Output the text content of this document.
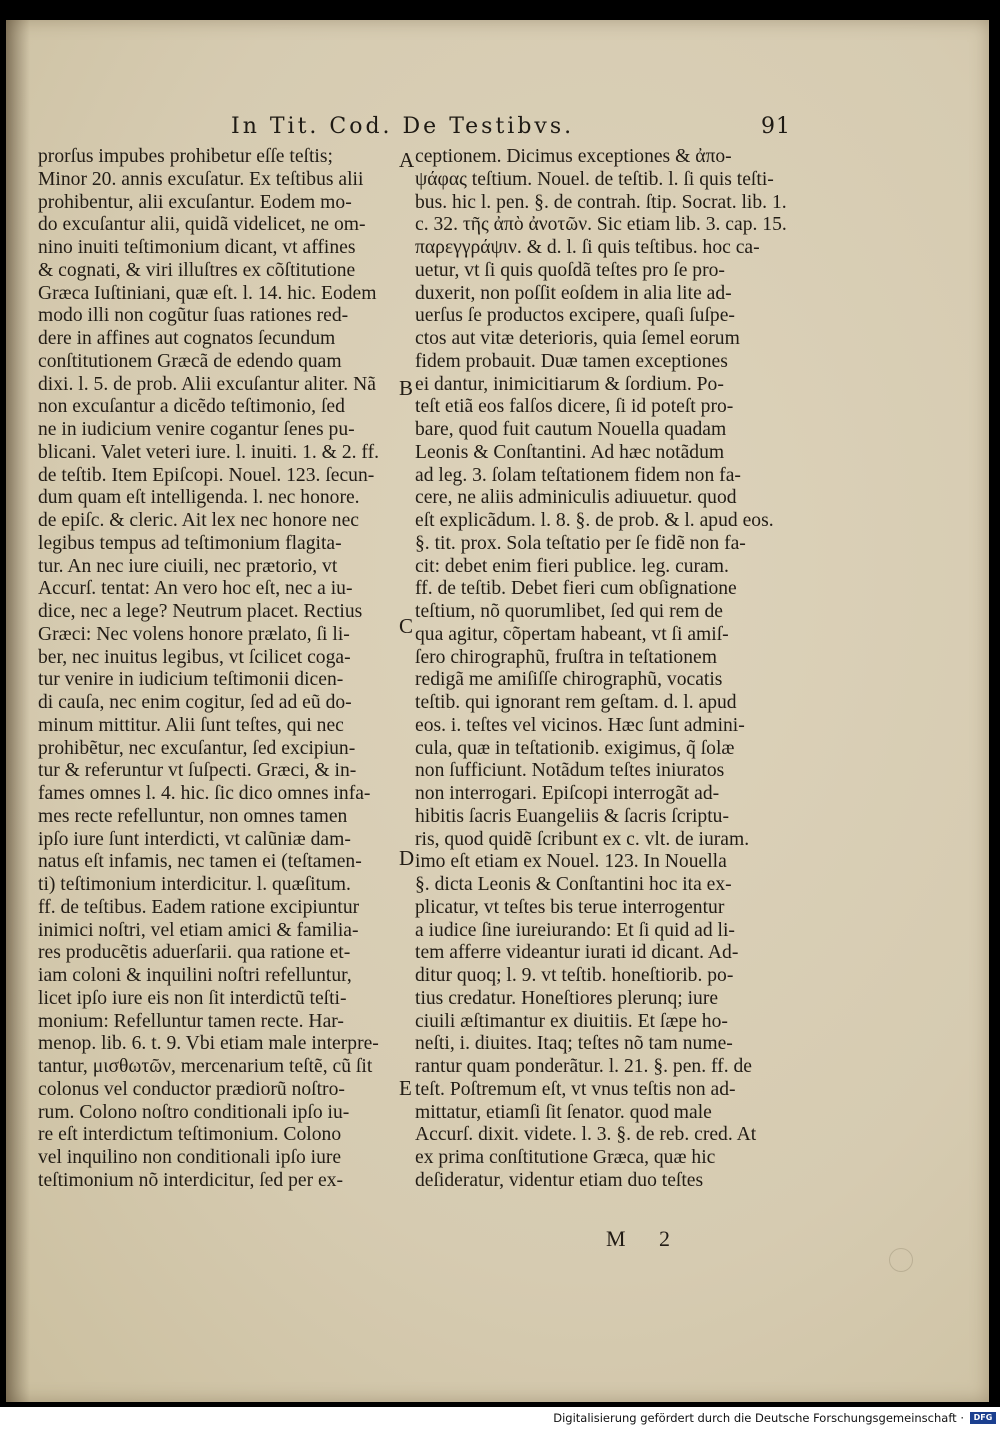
In Tit. Cod. De Testibvs.	91
prorſus impubes prohibetur eſſe teſtis;
Minor 20. annis excuſatur. Ex teſtibus alii
prohibentur, alii excuſantur. Eodem mo-
do excuſantur alii, quidã videlicet, ne om-
nino inuiti teſtimonium dicant, vt affines
& cognati, & viri illuſtres ex cõſtitutione
Græca Iuſtiniani, quæ eſt. l. 14. hic. Eodem
modo illi non cogũtur ſuas rationes red-
dere in affines aut cognatos ſecundum
conſtitutionem Græcã de edendo quam
dixi. l. 5. de prob. Alii excuſantur aliter. Nã
non excuſantur a dicẽdo teſtimonio, ſed
ne in iudicium venire cogantur ſenes pu-
blicani. Valet veteri iure. l. inuiti. 1. & 2. ff.
de teſtib. Item Epiſcopi. Nouel. 123. ſecun-
dum quam eſt intelligenda. l. nec honore.
de epiſc. & cleric. Ait lex nec honore nec
legibus tempus ad teſtimonium flagita-
tur. An nec iure ciuili, nec prætorio, vt
Accurſ. tentat: An vero hoc eſt, nec a iu-
dice, nec a lege? Neutrum placet. Rectius
Græci: Nec volens honore prælato, ſi li-
ber, nec inuitus legibus, vt ſcilicet coga-
tur venire in iudicium teſtimonii dicen-
di cauſa, nec enim cogitur, ſed ad eũ do-
minum mittitur. Alii ſunt teſtes, qui nec
prohibẽtur, nec excuſantur, ſed excipiun-
tur & referuntur vt ſuſpecti. Græci, & in-
fames omnes l. 4. hic. ſic dico omnes infa-
mes recte refelluntur, non omnes tamen
ipſo iure ſunt interdicti, vt calũniæ dam-
natus eſt infamis, nec tamen ei (teſtamen-
ti) teſtimonium interdicitur. l. quæſitum.
ff. de teſtibus. Eadem ratione excipiuntur
inimici noſtri, vel etiam amici & familia-
res producẽtis aduerſarii. qua ratione et-
iam coloni & inquilini noſtri refelluntur,
licet ipſo iure eis non ſit interdictũ teſti-
monium: Refelluntur tamen recte. Har-
menop. lib. 6. t. 9. Vbi etiam male interpre-
tantur, μισθωτῶν, mercenarium teſtẽ, cũ ſit
colonus vel conductor prædiorũ noſtro-
rum. Colono noſtro conditionali ipſo iu-
re eſt interdictum teſtimonium. Colono
vel inquilino non conditionali ipſo iure
teſtimonium nõ interdicitur, ſed per ex-
ceptionem. Dicimus exceptiones & ἀπο-
ψάφας teſtium. Nouel. de teſtib. l. ſi quis teſti-
bus. hic l. pen. §. de contrah. ſtip. Socrat. lib. 1.
c. 32. τῆς ἀπὸ ἀνοτῶν. Sic etiam lib. 3. cap. 15.
παρεγγράψιν. & d. l. ſi quis teſtibus. hoc ca-
uetur, vt ſi quis quoſdã teſtes pro ſe pro-
duxerit, non poſſit eoſdem in alia lite ad-
uerſus ſe productos excipere, quaſi ſuſpe-
ctos aut vitæ deterioris, quia ſemel eorum
fidem probauit. Duæ tamen exceptiones
ei dantur, inimicitiarum & ſordium. Po-
teſt etiã eos falſos dicere, ſi id poteſt pro-
bare, quod fuit cautum Nouella quadam
Leonis & Conſtantini. Ad hæc notãdum
ad leg. 3. ſolam teſtationem fidem non fa-
cere, ne aliis adminiculis adiuuetur. quod
eſt explicãdum. l. 8. §. de prob. & l. apud eos.
§. tit. prox. Sola teſtatio per ſe fidẽ non fa-
cit: debet enim fieri publice. leg. curam.
ff. de teſtib. Debet fieri cum obſignatione
teſtium, nõ quorumlibet, ſed qui rem de
qua agitur, cõpertam habeant, vt ſi amiſ-
ſero chirographũ, fruſtra in teſtationem
redigã me amiſiſſe chirographũ, vocatis
teſtib. qui ignorant rem geſtam. d. l. apud
eos. i. teſtes vel vicinos. Hæc ſunt admini-
cula, quæ in teſtationib. exigimus, q̃ ſolæ
non ſufficiunt. Notãdum teſtes iniuratos
non interrogari. Epiſcopi interrogãt ad-
hibitis ſacris Euangeliis & ſacris ſcriptu-
ris, quod quidẽ ſcribunt ex c. vlt. de iuram.
imo eſt etiam ex Nouel. 123. In Nouella
§. dicta Leonis & Conſtantini hoc ita ex-
plicatur, vt teſtes bis terue interrogentur
a iudice ſine iureiurando: Et ſi quid ad li-
tem afferre videantur iurati id dicant. Ad-
ditur quoq; l. 9. vt teſtib. honeſtiorib. po-
tius credatur. Honeſtiores plerunq; iure
ciuili æſtimantur ex diuitiis. Et ſæpe ho-
neſti, i. diuites. Itaq; teſtes nõ tam nume-
rantur quam ponderãtur. l. 21. §. pen. ff. de
teſt. Poſtremum eſt, vt vnus teſtis non ad-
mittatur, etiamſi ſit ſenator. quod male
Accurſ. dixit. videte. l. 3. §. de reb. cred. At
ex prima conſtitutione Græca, quæ hic
deſideratur, videntur etiam duo teſtes
A
B
C
D
E
M 2
Digitalisierung gefördert durch die Deutsche Forschungsgemeinschaft ·	DFG
